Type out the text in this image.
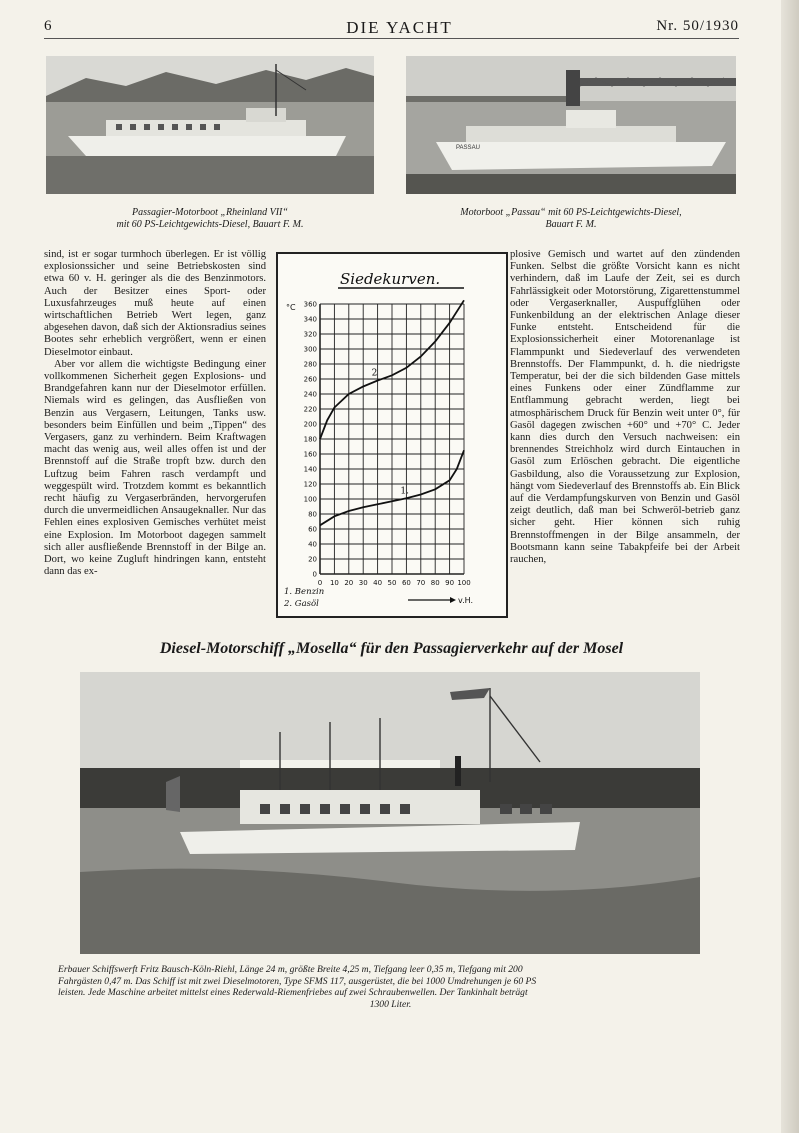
6	DIE YACHT	Nr. 50/1930
Passagier-Motorboot „Rheinland VII“
mit 60 PS-Leichtgewichts-Diesel, Bauart F. M.
PASSAU
Motorboot „Passau“ mit 60 PS-Leichtgewichts-Diesel,
Bauart F. M.

sind, ist er sogar turmhoch überlegen. Er ist völlig explosionssicher und seine Betriebskosten sind etwa 60 v. H. geringer als die des Benzinmotors. Auch der Besitzer eines Sport- oder Luxusfahrzeuges muß heute auf einen wirtschaftlichen Betrieb Wert legen, ganz abgesehen davon, daß sich der Aktionsradius seines Bootes sehr erheblich vergrößert, wenn er einen Dieselmotor einbaut.

Aber vor allem die wichtigste Bedingung einer vollkommenen Sicherheit gegen Explosions- und Brandgefahren kann nur der Dieselmotor erfüllen. Niemals wird es gelingen, das Ausfließen von Benzin aus Vergasern, Leitungen, Tanks usw. besonders beim Einfüllen und beim „Tippen“ des Vergasers, ganz zu verhindern. Beim Kraftwagen macht das wenig aus, weil alles offen ist und der Brennstoff auf die Straße tropft bzw. durch den Luftzug beim Fahren rasch verdampft und weggespült wird. Trotzdem kommt es bekanntlich recht häufig zu Vergaserbränden, hervorgerufen durch die unvermeidlichen Ansaugeknaller. Nur das Fehlen eines explosiven Gemisches verhütet meist eine Explosion. Im Motorboot dagegen sammelt sich aller ausfließende Brennstoff in der Bilge an. Dort, wo keine Zugluft hindringen kann, entsteht dann das ex-

Siedekurven.
0 10 20 30 40 50 60 70 80 90 100
0
20
40
60
80
100
120
140
160
180
200
220
240
260
280
300
320
340
360
°C
1.
2
1. Benzin
2. Gasöl	v.H.

plosive Gemisch und wartet auf den zündenden Funken. Selbst die größte Vorsicht kann es nicht verhindern, daß im Laufe der Zeit, sei es durch Fahrlässigkeit oder Motorstörung, Zigarettenstummel oder Vergaserknaller, Auspuffglühen oder Funkenbildung an der elektrischen Anlage dieser Funke entsteht. Entscheidend für die Explosionssicherheit einer Motorenanlage ist Flammpunkt und Siedeverlauf des verwendeten Brennstoffs. Der Flammpunkt, d. h. die niedrigste Temperatur, bei der die sich bildenden Gase mittels eines Funkens oder einer Zündflamme zur Entflammung gebracht werden, liegt bei atmosphärischem Druck für Benzin weit unter 0°, für Gasöl dagegen zwischen +60° und +70° C. Jeder kann dies durch den Versuch nachweisen: ein brennendes Streichholz wird durch Eintauchen in Gasöl zum Erlöschen gebracht. Die eigentliche Gasbildung, also die Voraussetzung zur Explosion, hängt vom Siedeverlauf des Brennstoffs ab. Ein Blick auf die Verdampfungskurven von Benzin und Gasöl zeigt deutlich, daß man bei Schweröl-betrieb ganz sicher geht. Hier können sich ruhig Brennstoffmengen in der Bilge ansammeln, der Bootsmann kann seine Tabakpfeife bei der Arbeit rauchen,

Diesel-Motorschiff „Mosella“ für den Passagierverkehr auf der Mosel
Erbauer Schiffswerft Fritz Bausch-Köln-Riehl, Länge 24 m, größte Breite 4,25 m, Tiefgang leer 0,35 m, Tiefgang mit 200
Fahrgästen 0,47 m. Das Schiff ist mit zwei Dieselmotoren, Type SFMS 117, ausgerüstet, die bei 1000 Umdrehungen je 60 PS
leisten. Jede Maschine arbeitet mittelst eines Rederwald-Riemenfriebes auf zwei Schraubenwellen. Der Tankinhalt beträgt
1300 Liter.
